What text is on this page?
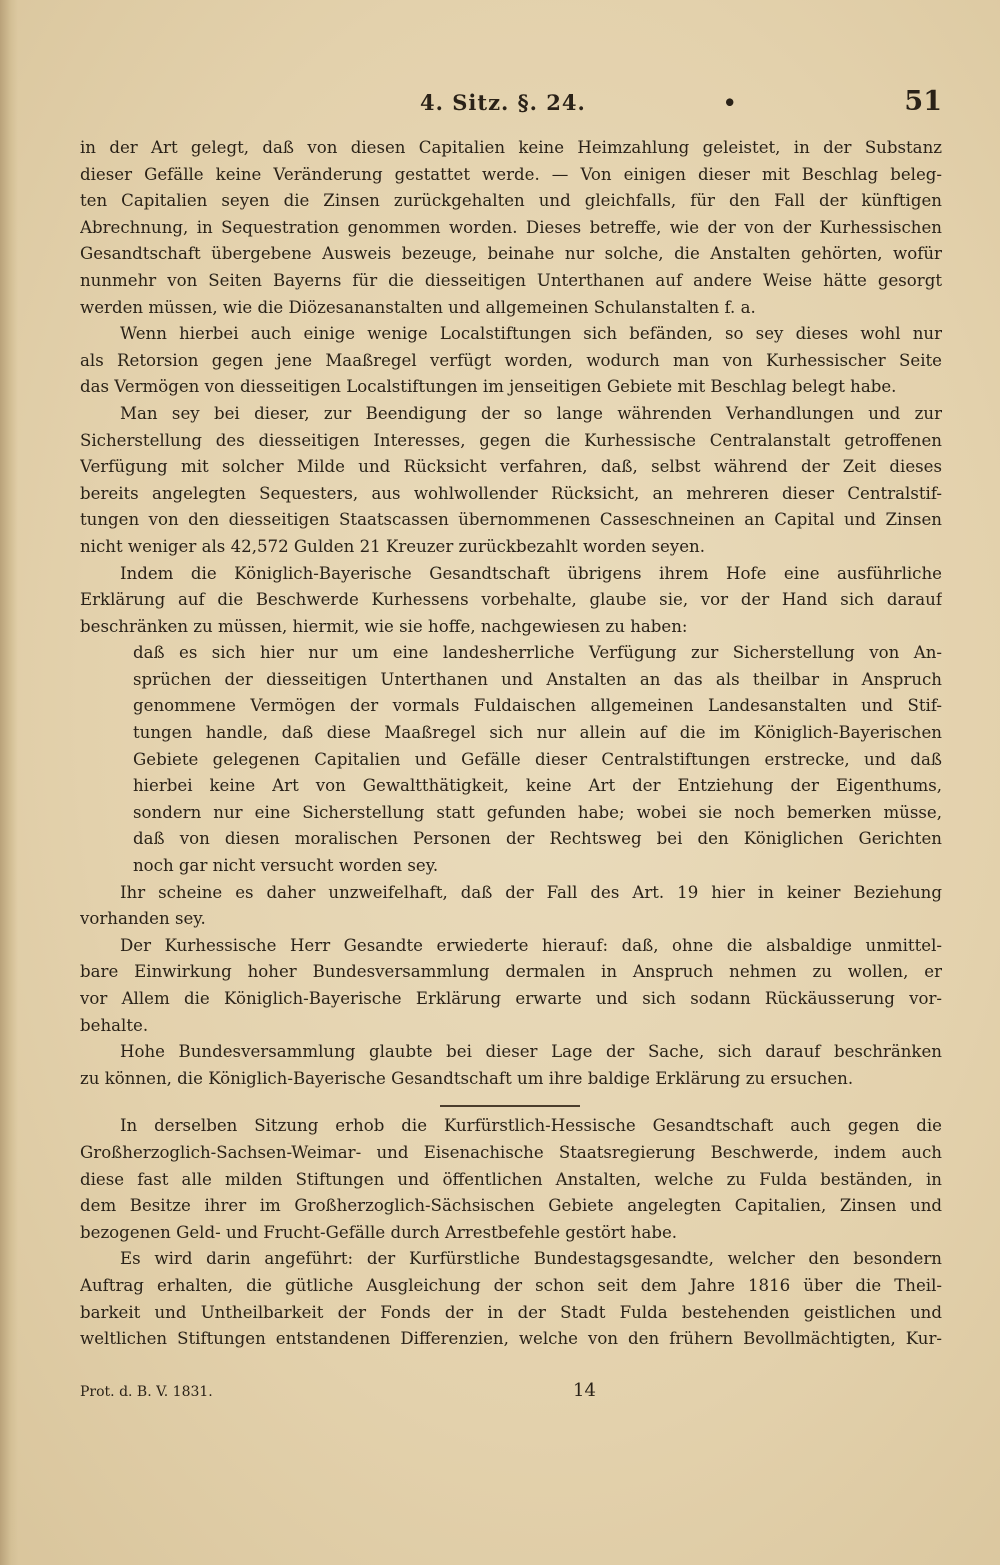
4. Sitz. §. 24.	•	51
in der Art gelegt, daß von diesen Capitalien keine Heimzahlung geleistet, in der Substanz
dieser Gefälle keine Veränderung gestattet werde. — Von einigen dieser mit Beschlag beleg-
ten Capitalien seyen die Zinsen zurückgehalten und gleichfalls, für den Fall der künftigen
Abrechnung, in Sequestration genommen worden. Dieses betreffe, wie der von der Kurhessischen
Gesandtschaft übergebene Ausweis bezeuge, beinahe nur solche, die Anstalten gehörten, wofür
nunmehr von Seiten Bayerns für die diesseitigen Unterthanen auf andere Weise hätte gesorgt
werden müssen, wie die Diözesananstalten und allgemeinen Schulanstalten f. a.
Wenn hierbei auch einige wenige Localstiftungen sich befänden, so sey dieses wohl nur
als Retorsion gegen jene Maaßregel verfügt worden, wodurch man von Kurhessischer Seite
das Vermögen von diesseitigen Localstiftungen im jenseitigen Gebiete mit Beschlag belegt habe.
Man sey bei dieser, zur Beendigung der so lange währenden Verhandlungen und zur
Sicherstellung des diesseitigen Interesses, gegen die Kurhessische Centralanstalt getroffenen
Verfügung mit solcher Milde und Rücksicht verfahren, daß, selbst während der Zeit dieses
bereits angelegten Sequesters, aus wohlwollender Rücksicht, an mehreren dieser Centralstif-
tungen von den diesseitigen Staatscassen übernommenen Casseschneinen an Capital und Zinsen
nicht weniger als 42,572 Gulden 21 Kreuzer zurückbezahlt worden seyen.
Indem die Königlich-Bayerische Gesandtschaft übrigens ihrem Hofe eine ausführliche
Erklärung auf die Beschwerde Kurhessens vorbehalte, glaube sie, vor der Hand sich darauf
beschränken zu müssen, hiermit, wie sie hoffe, nachgewiesen zu haben:
daß es sich hier nur um eine landesherrliche Verfügung zur Sicherstellung von An-
sprüchen der diesseitigen Unterthanen und Anstalten an das als theilbar in Anspruch
genommene Vermögen der vormals Fuldaischen allgemeinen Landesanstalten und Stif-
tungen handle, daß diese Maaßregel sich nur allein auf die im Königlich-Bayerischen
Gebiete gelegenen Capitalien und Gefälle dieser Centralstiftungen erstrecke, und daß
hierbei keine Art von Gewaltthätigkeit, keine Art der Entziehung der Eigenthums,
sondern nur eine Sicherstellung statt gefunden habe; wobei sie noch bemerken müsse,
daß von diesen moralischen Personen der Rechtsweg bei den Königlichen Gerichten
noch gar nicht versucht worden sey.
Ihr scheine es daher unzweifelhaft, daß der Fall des Art. 19 hier in keiner Beziehung
vorhanden sey.
Der Kurhessische Herr Gesandte erwiederte hierauf: daß, ohne die alsbaldige unmittel-
bare Einwirkung hoher Bundesversammlung dermalen in Anspruch nehmen zu wollen, er
vor Allem die Königlich-Bayerische Erklärung erwarte und sich sodann Rückäusserung vor-
behalte.
Hohe Bundesversammlung glaubte bei dieser Lage der Sache, sich darauf beschränken
zu können, die Königlich-Bayerische Gesandtschaft um ihre baldige Erklärung zu ersuchen.
In derselben Sitzung erhob die Kurfürstlich-Hessische Gesandtschaft auch gegen die
Großherzoglich-Sachsen-Weimar- und Eisenachische Staatsregierung Beschwerde, indem auch
diese fast alle milden Stiftungen und öffentlichen Anstalten, welche zu Fulda beständen, in
dem Besitze ihrer im Großherzoglich-Sächsischen Gebiete angelegten Capitalien, Zinsen und
bezogenen Geld- und Frucht-Gefälle durch Arrestbefehle gestört habe.
Es wird darin angeführt: der Kurfürstliche Bundestagsgesandte, welcher den besondern
Auftrag erhalten, die gütliche Ausgleichung der schon seit dem Jahre 1816 über die Theil-
barkeit und Untheilbarkeit der Fonds der in der Stadt Fulda bestehenden geistlichen und
weltlichen Stiftungen entstandenen Differenzien, welche von den frühern Bevollmächtigten, Kur-
Prot. d. B. V. 1831.	14
